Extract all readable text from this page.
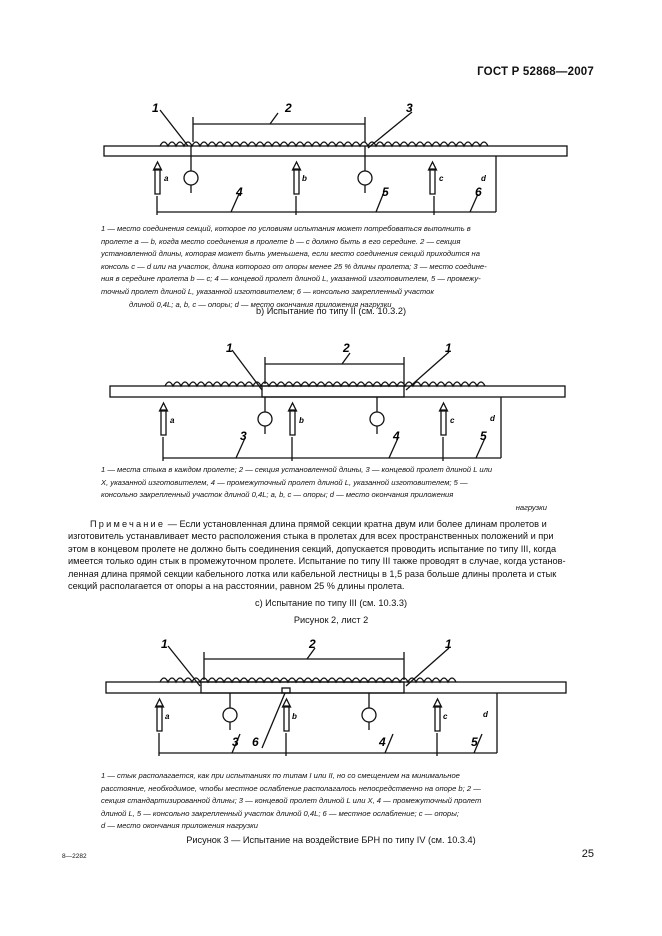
ГОСТ Р 52868—2007
1	2	3
4	5	6
a	b	c	d
1 — место соединения секций, которое по условиям испытания может потребоваться выполнить в
пролете a — b, когда место соединения в пролете b — c должно быть в его середине. 2 — секция
установленной длины, которая может быть уменьшена, если место соединения секций приходится на
консоль c — d или на участок, длина которого от опоры менее 25 % длины пролета; 3 — место соедине-
ния в середине пролета b — c; 4 — концевой пролет длиной L, указанной изготовителем, 5 — промежу-
точный пролет длиной L, указанной изготовителем; 6 — консольно закрепленный участок
длиной 0,4L; a, b, c — опоры; d — место окончания приложения нагрузки
b) Испытание по типу II (см. 10.3.2)
1	2	1
3	4	5
a	b	c	d
1 — места стыка в каждом пролете; 2 — секция установленной длины, 3 — концевой пролет длиной L или
X, указанной изготовителем, 4 — промежуточный пролет длиной L, указанной изготовителем; 5 —
консольно закрепленный участок длиной 0,4L; a, b, c — опоры; d — место окончания приложения
нагрузки
Примечание — Если установленная длина прямой секции кратна двум или более длинам пролетов и
изготовитель устанавливает место расположения стыка в пролетах для всех пространственных положений и при
этом в концевом пролете не должно быть соединения секций, допускается проводить испытание по типу III, когда
имеется только один стык в промежуточном пролете. Испытание по типу III также проводят в случае, когда установ-
ленная длина прямой секции кабельного лотка или кабельной лестницы в 1,5 раза больше длины пролета и стык
секций располагается от опоры a на расстоянии, равном 25 % длины пролета.
c) Испытание по типу III (см. 10.3.3)
Рисунок 2, лист 2
1	2	1
3 6	4	5
a	b	c	d
1 — стык располагается, как при испытаниях по типам I или II, но со смещением на минимальное
расстояние, необходимое, чтобы местное ослабление располагалось непосредственно на опоре b; 2 —
секция стандартизированной длины; 3 — концевой пролет длиной L или X, 4 — промежуточный пролет
длиной L, 5 — консольно закрепленный участок длиной 0,4L; 6 — местное ослабление; c — опоры;
d — место окончания приложения нагрузки
Рисунок 3 — Испытание на воздействие БРН по типу IV (см. 10.3.4)
8—2282	25
